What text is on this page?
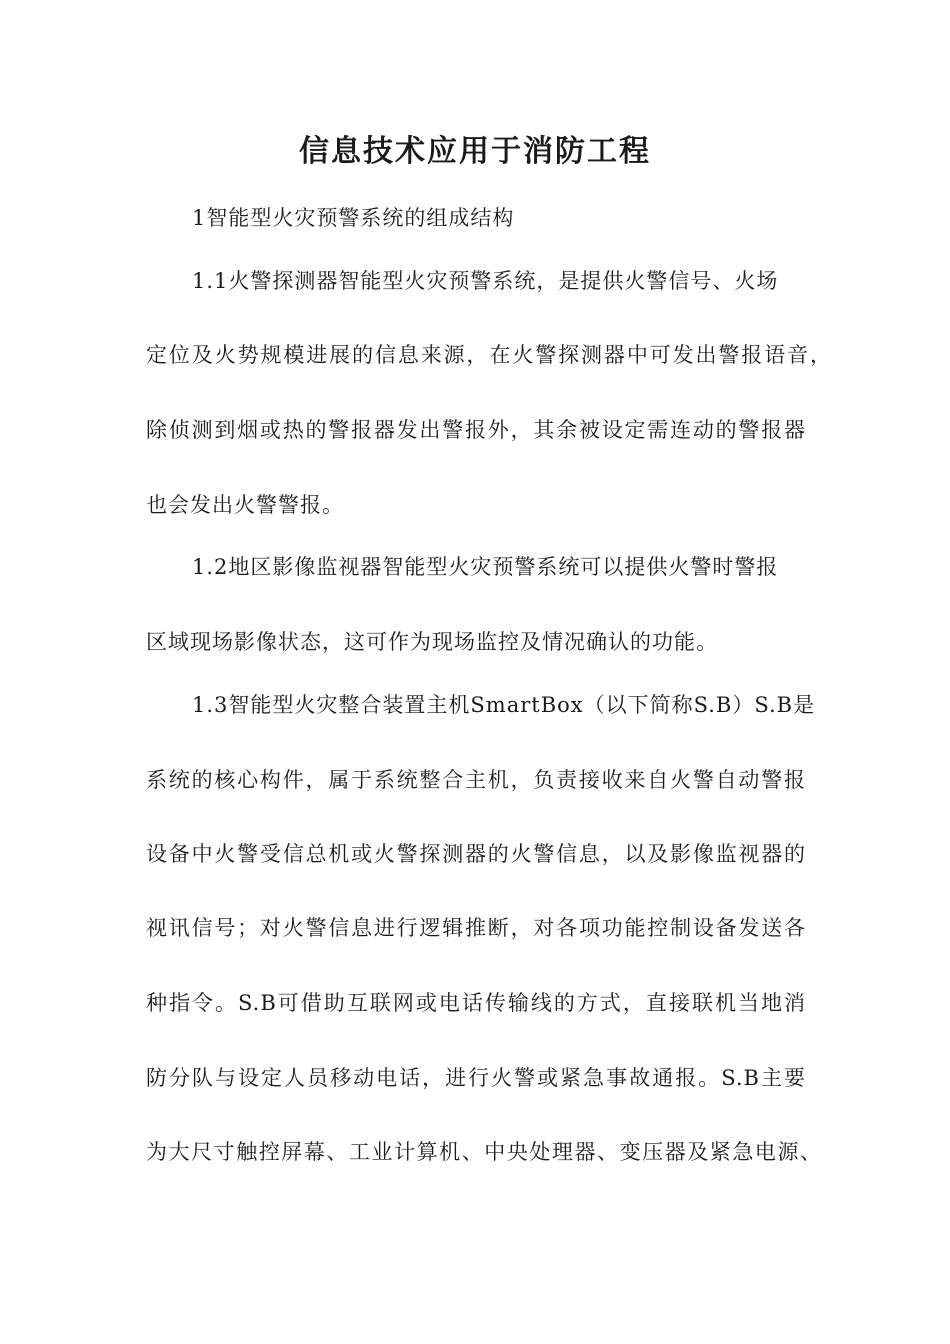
信息技术应用于消防工程
1智能型火灾预警系统的组成结构
1.1火警探测器智能型火灾预警系统，是提供火警信号、火场
定位及火势规模进展的信息来源，在火警探测器中可发出警报语音，
除侦测到烟或热的警报器发出警报外，其余被设定需连动的警报器
也会发出火警警报。
1.2地区影像监视器智能型火灾预警系统可以提供火警时警报
区域现场影像状态，这可作为现场监控及情况确认的功能。
1.3智能型火灾整合装置主机SmartBox（以下简称S.B）S.B是
系统的核心构件，属于系统整合主机，负责接收来自火警自动警报
设备中火警受信总机或火警探测器的火警信息，以及影像监视器的
视讯信号；对火警信息进行逻辑推断，对各项功能控制设备发送各
种指令。S.B可借助互联网或电话传输线的方式，直接联机当地消
防分队与设定人员移动电话，进行火警或紧急事故通报。S.B主要
为大尺寸触控屏幕、工业计算机、中央处理器、变压器及紧急电源、
